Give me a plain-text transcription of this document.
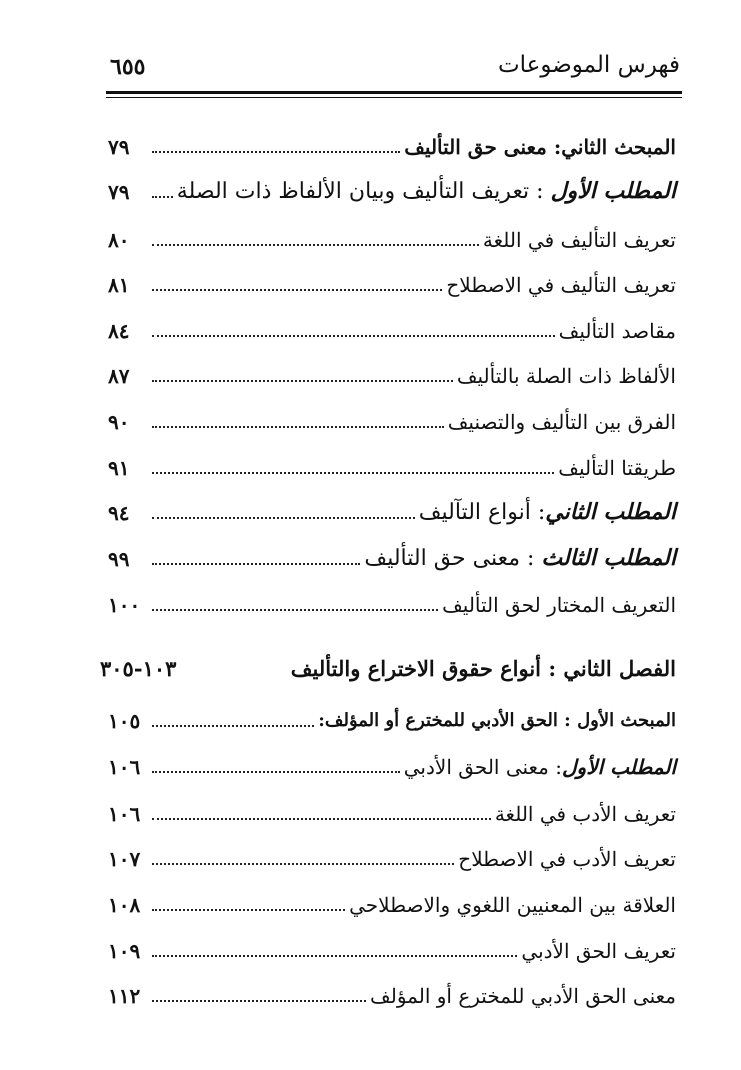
فهرس الموضوعات
٦٥٥
المبحث الثاني: معنى حق التأليف
٧٩
المطلب الأول : تعريف التأليف وبيان الألفاظ ذات الصلة
٧٩
تعريف التأليف في اللغة
٨٠
تعريف التأليف في الاصطلاح
٨١
مقاصد التأليف
٨٤
الألفاظ ذات الصلة بالتأليف
٨٧
الفرق بين التأليف والتصنيف
٩٠
طريقتا التأليف
٩١
المطلب الثاني: أنواع التآليف
٩٤
المطلب الثالث : معنى حق التأليف
٩٩
التعريف المختار لحق التأليف
١٠٠
الفصل الثاني : أنواع حقوق الاختراع والتأليف
١٠٣-٣٠٥
المبحث الأول : الحق الأدبي للمخترع أو المؤلف:
١٠٥
المطلب الأول: معنى الحق الأدبي
١٠٦
تعريف الأدب في اللغة
١٠٦
تعريف الأدب في الاصطلاح
١٠٧
العلاقة بين المعنيين اللغوي والاصطلاحي
١٠٨
تعريف الحق الأدبي
١٠٩
معنى الحق الأدبي للمخترع أو المؤلف
١١٢
